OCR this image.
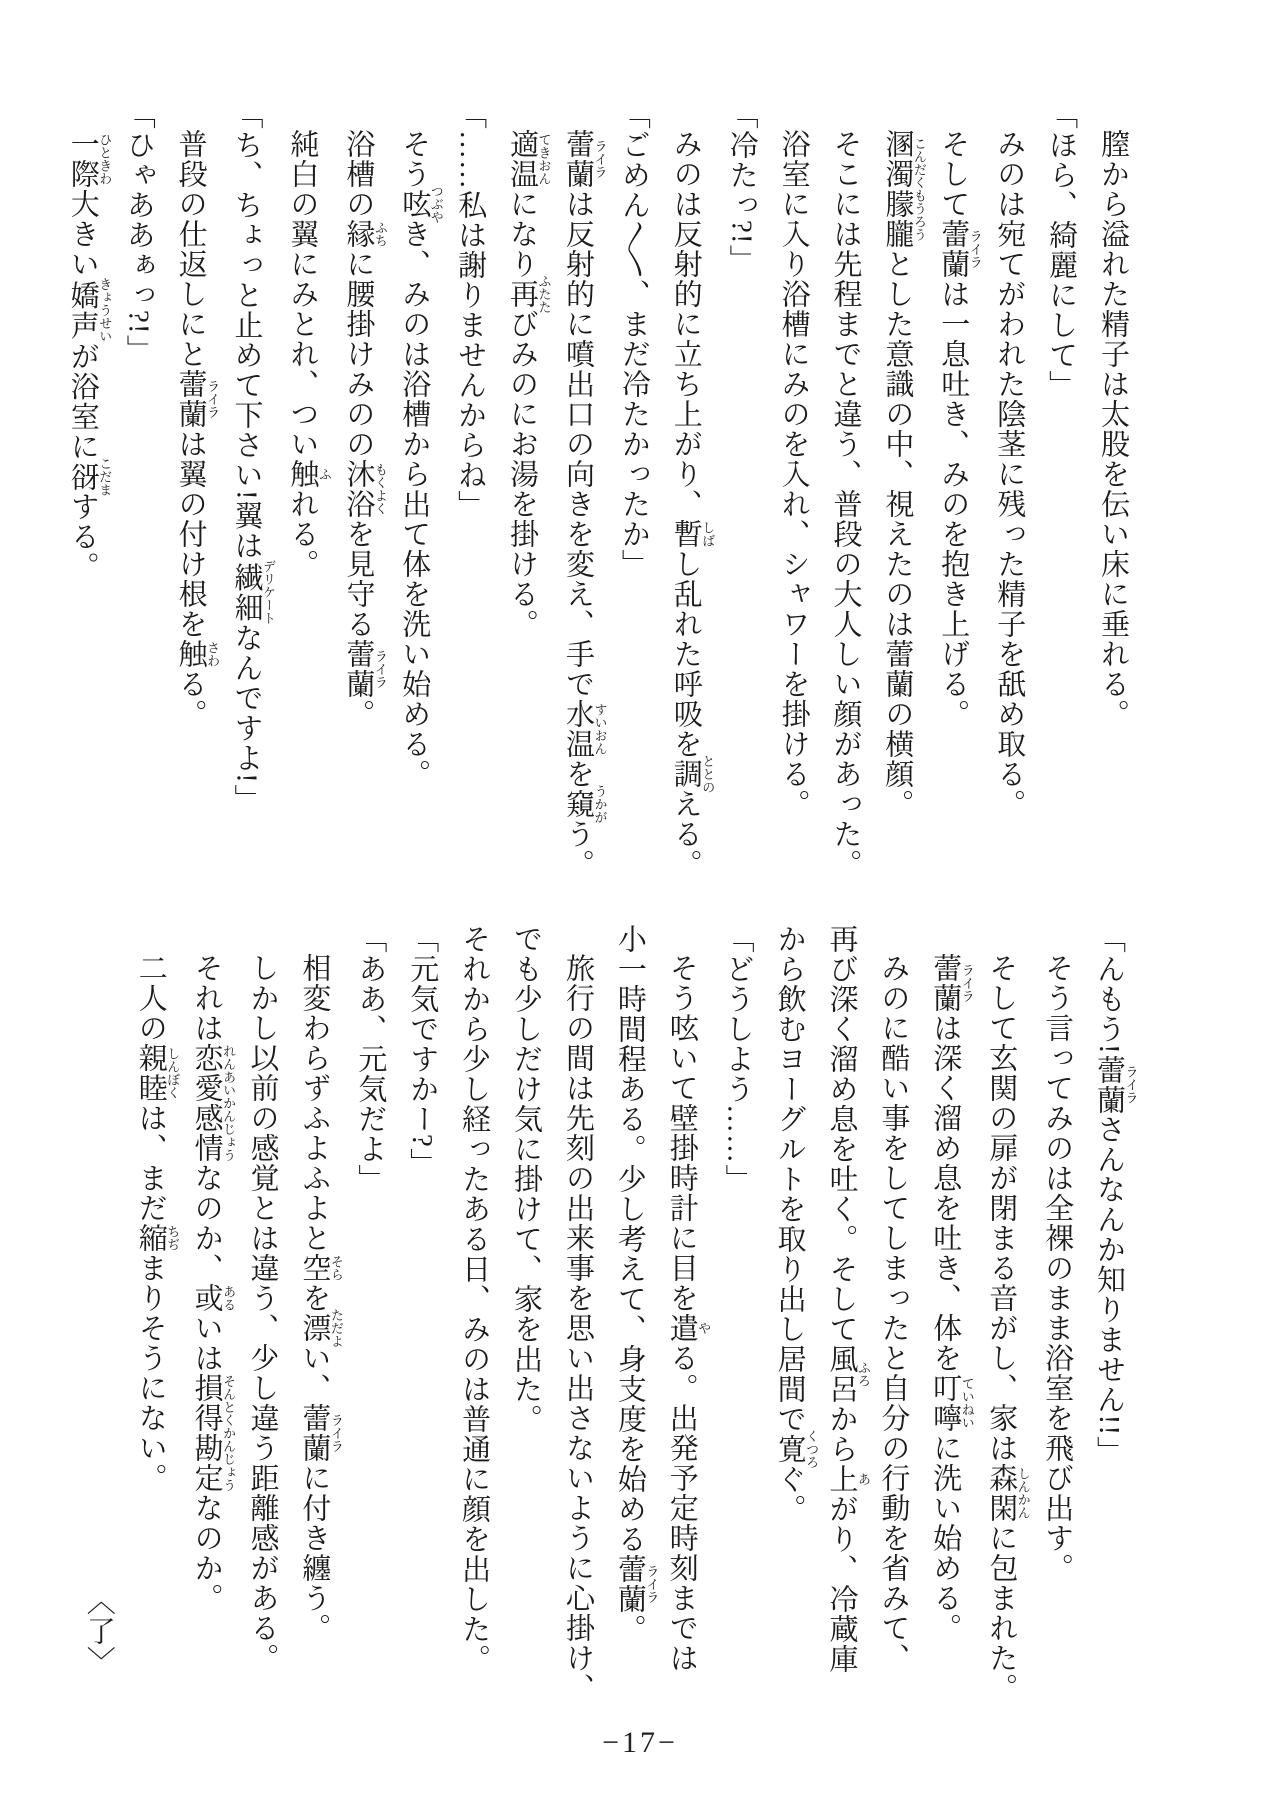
膣から溢れた精子は太股を伝い床に垂れる。

「ほら、綺麗にして」

みのは宛てがわれた陰茎に残った精子を舐め取る。

そして蕾蘭ライラは一息吐き、みのを抱き上げる。

溷濁朦朧こんだくもうろうとした意識の中、視えたのは蕾蘭の横顔。

そこには先程までと違う、普段の大人しい顔があった。

浴室に入り浴槽にみのを入れ、シャワーを掛ける。

「冷たっ?!」

みのは反射的に立ち上がり、暫しばし乱れた呼吸を調ととのえる。

「ごめん〳〵、まだ冷たかったか」

蕾蘭ライラは反射的に噴出口の向きを変え、手で水温すいおんを窺うかがう。

適温てきおんになり再ふたたびみのにお湯を掛ける。

「……私は謝りませんからね」

そう呟つぶやき、みのは浴槽から出て体を洗い始める。

浴槽の縁ふちに腰掛けみのの沐浴もくよくを見守る蕾蘭ライラ。

純白の翼にみとれ、つい触ふれる。

「ち、ちょっと止めて下さい!翼は繊細デリケートなんですよ!」

普段の仕返しにと蕾蘭ライラは翼の付け根を触さわる。

「ひゃああぁっ?!」

一際ひときわ大きい嬌声きょうせいが浴室に谺こだまする。

「んもう!蕾蘭ライラさんなんか知りません!!」

そう言ってみのは全裸のまま浴室を飛び出す。

そして玄関の扉が閉まる音がし、家は森閑しんかんに包まれた。

蕾蘭ライラは深く溜め息を吐き、体を叮嚀ていねいに洗い始める。

みのに酷い事をしてしまったと自分の行動を省みて、再び深く溜め息を吐く。そして風呂ふろから上あがり、冷蔵庫から飲むヨーグルトを取り出し居間で寛くつろぐ。

「どうしよう……」

そう呟いて壁掛時計に目を遣やる。出発予定時刻までは小一時間程ある。少し考えて、身支度を始める蕾蘭ライラ。

旅行の間は先刻の出来事を思い出さないように心掛け、でも少しだけ気に掛けて、家を出た。

それから少し経ったある日、みのは普通に顔を出した。

「元気ですかー?」

「ああ、元気だよ」

相変わらずふよふよと空そらを漂ただよい、蕾蘭ライラに付き纏う。

しかし以前の感覚とは違う、少し違う距離感がある。

それは恋愛感情れんあいかんじょうなのか、或あるいは損得勘定そんとくかんじょうなのか。

二人の親睦しんぼくは、まだ縮ちぢまりそうにない。

〈了〉

−17−
